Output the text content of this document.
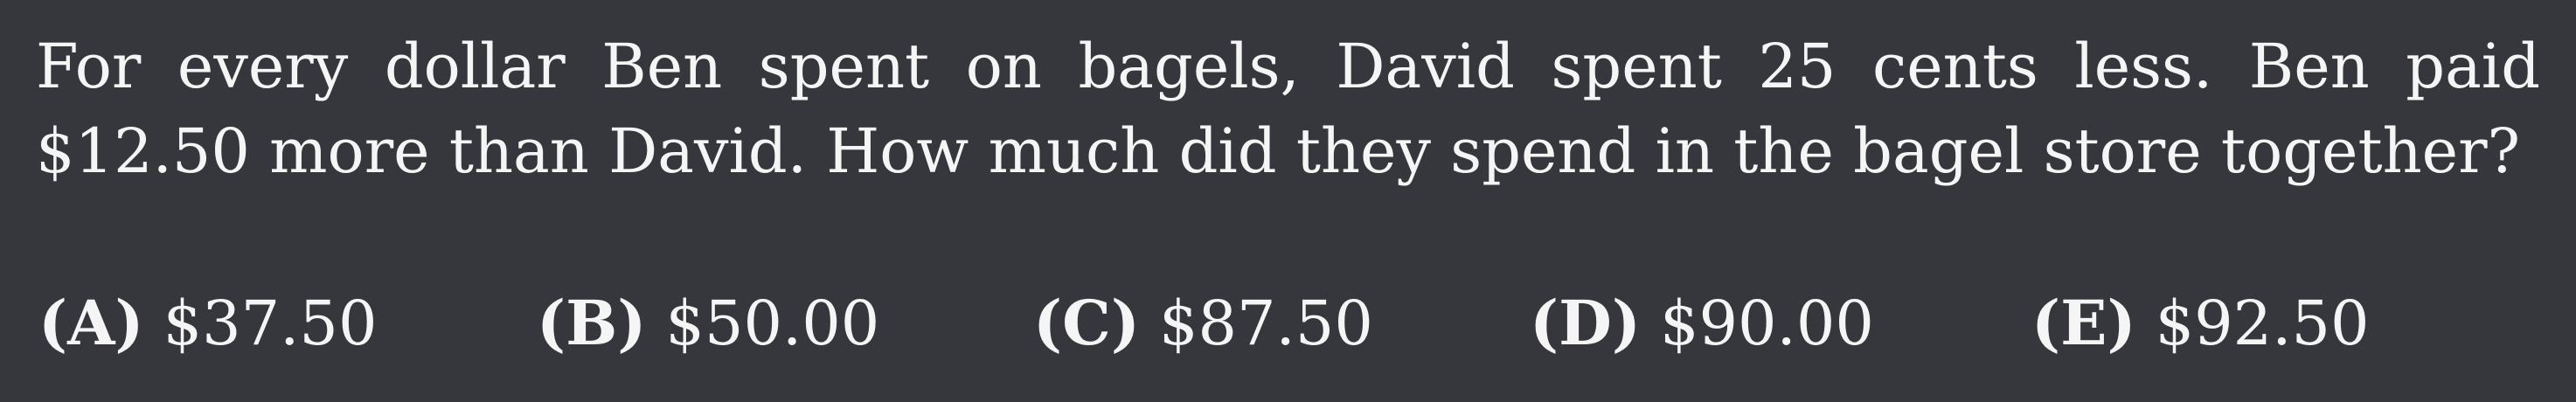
For every dollar Ben spent on bagels, David spent 25 cents less. Ben paid
$12.50 more than David. How much did they spend in the bagel store together?

(A) $37.50	(B) $50.00	(C) $87.50	(D) $90.00	(E) $92.50
